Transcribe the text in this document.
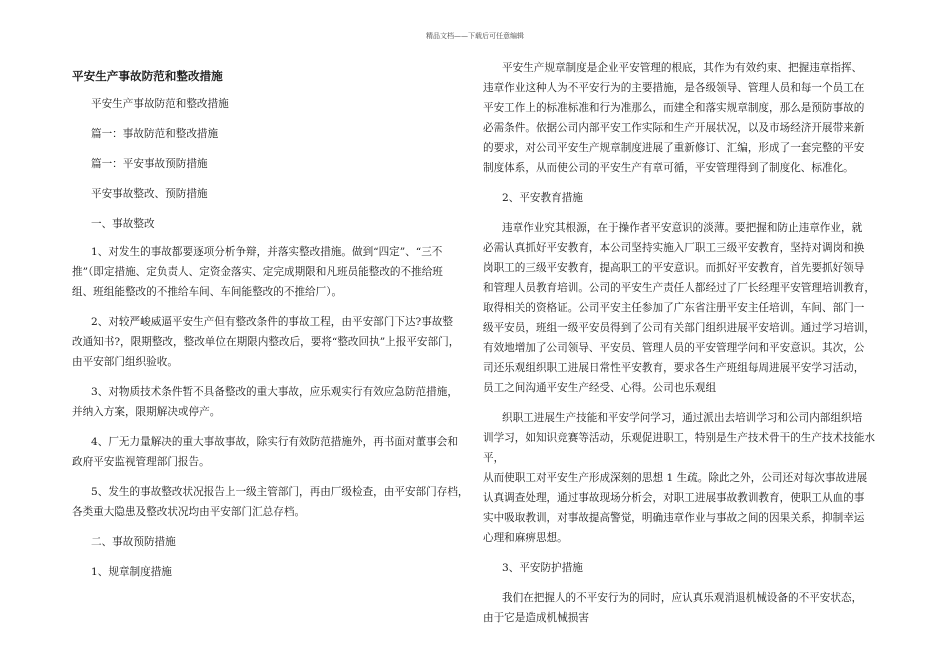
精品文档——下载后可任意编辑

平安生产事故防范和整改措施

平安生产事故防范和整改措施

篇一：事故防范和整改措施

篇一：平安事故预防措施

平安事故整改、预防措施

一、事故整改

1、对发生的事故都要逐项分析争辩，并落实整改措施。做到“四定”、“三不

推”（即定措施、定负责人、定资金落实、定完成期限和凡班员能整改的不推给班

组、班组能整改的不推给车间、车间能整改的不推给厂）。

2、对较严峻威逼平安生产但有整改条件的事故工程，由平安部门下达?事故整

改通知书?，限期整改，整改单位在期限内整改后，要将“整改回执”上报平安部门，

由平安部门组织验收。

3、对物质技术条件暂不具备整改的重大事故，应乐观实行有效应急防范措施，

并纳入方案，限期解决或停产。

4、厂无力量解决的重大事故事故，除实行有效防范措施外，再书面对董事会和

政府平安监视管理部门报告。

5、发生的事故整改状况报告上一级主管部门，再由厂级检查，由平安部门存档，

各类重大隐患及整改状况均由平安部门汇总存档。

二、事故预防措施

1、规章制度措施

平安生产规章制度是企业平安管理的根底，其作为有效约束、把握违章指挥、

违章作业这种人为不平安行为的主要措施，是各级领导、管理人员和每一个员工在

平安工作上的标准标准和行为准那么，而建全和落实规章制度，那么是预防事故的

必需条件。依据公司内部平安工作实际和生产开展状况，以及市场经济开展带来新

的要求，对公司平安生产规章制度进展了重新修订、汇编，形成了一套完整的平安

制度体系，从而使公司的平安生产有章可循，平安管理得到了制度化、标准化。

2、平安教育措施

违章作业究其根源，在于操作者平安意识的淡薄。要把握和防止违章作业，就

必需认真抓好平安教育，本公司坚持实施入厂职工三级平安教育，坚持对调岗和换

岗职工的三级平安教育，提高职工的平安意识。而抓好平安教育，首先要抓好领导

和管理人员教育培训。公司的平安生产责任人都经过了厂长经理平安管理培训教育，

取得相关的资格证。公司平安主任参加了广东省注册平安主任培训，车间、部门一

级平安员，班组一级平安员得到了公司有关部门组织进展平安培训。通过学习培训，

有效地增加了公司领导、平安员、管理人员的平安管理学问和平安意识。其次，公

司还乐观组织职工进展日常性平安教育，要求各生产班组每周进展平安学习活动，

员工之间沟通平安生产经受、心得。公司也乐观组

织职工进展生产技能和平安学问学习，通过派出去培训学习和公司内部组织培

训学习，如知识竞赛等活动，乐观促进职工，特别是生产技术骨干的生产技术技能水平，

从而使职工对平安生产形成深刻的思想 1 生疏。除此之外，公司还对每次事故进展

认真调查处理，通过事故现场分析会，对职工进展事故教训教育，使职工从血的事

实中吸取教训，对事故提高警觉，明确违章作业与事故之间的因果关系，抑制幸运

心理和麻痹思想。

3、平安防护措施

我们在把握人的不平安行为的同时，应认真乐观消退机械设备的不平安状态，

由于它是造成机械损害
